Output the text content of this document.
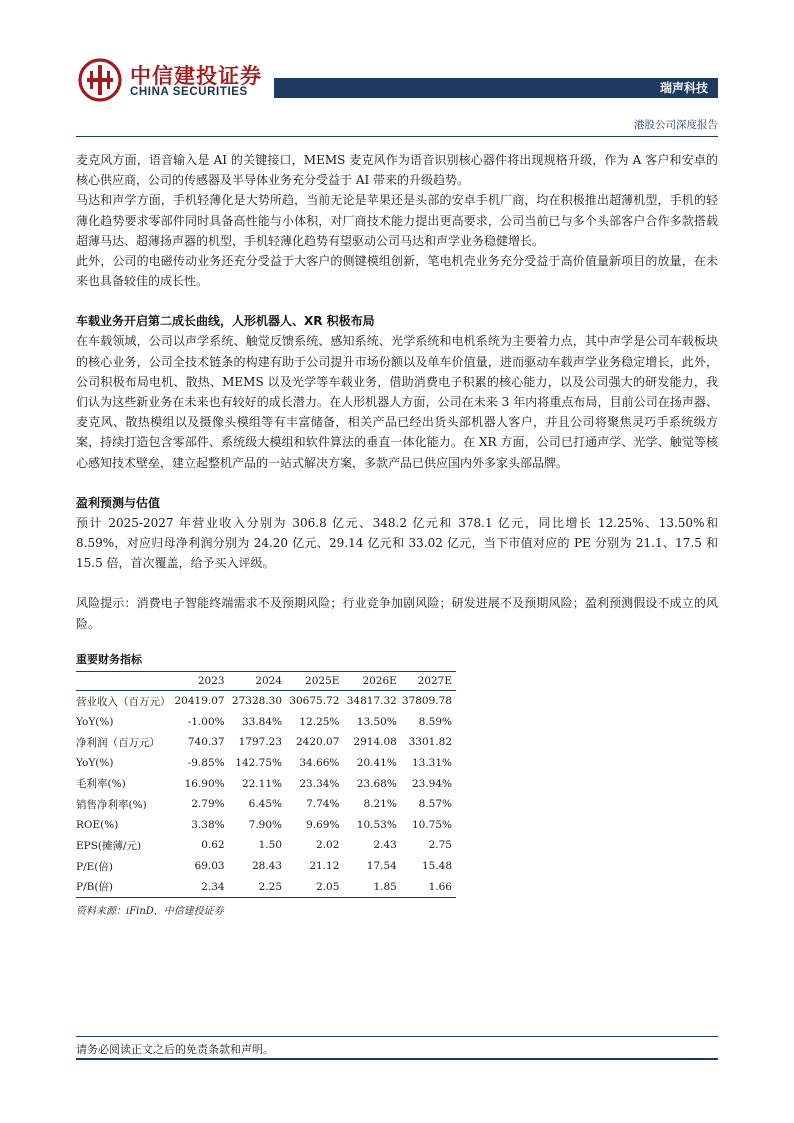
中信建投证券
CHINA SECURITIES	瑞声科技
港股公司深度报告

麦克风方面，语音输入是 AI 的关键接口，MEMS 麦克风作为语音识别核心器件将出现规格升级，作为 A 客户和安卓的核心供应商，公司的传感器及半导体业务充分受益于 AI 带来的升级趋势。

马达和声学方面，手机轻薄化是大势所趋，当前无论是苹果还是头部的安卓手机厂商，均在积极推出超薄机型，手机的轻薄化趋势要求零部件同时具备高性能与小体积，对厂商技术能力提出更高要求，公司当前已与多个头部客户合作多款搭载超薄马达、超薄扬声器的机型，手机轻薄化趋势有望驱动公司马达和声学业务稳健增长。

此外，公司的电磁传动业务还充分受益于大客户的侧键模组创新，笔电机壳业务充分受益于高价值量新项目的放量，在未来也具备较佳的成长性。

车载业务开启第二成长曲线，人形机器人、XR 积极布局

在车载领域，公司以声学系统、触觉反馈系统、感知系统、光学系统和电机系统为主要着力点，其中声学是公司车载板块的核心业务，公司全技术链条的构建有助于公司提升市场份额以及单车价值量，进而驱动车载声学业务稳定增长，此外，公司积极布局电机、散热、MEMS 以及光学等车载业务，借助消费电子积累的核心能力，以及公司强大的研发能力，我们认为这些新业务在未来也有较好的成长潜力。在人形机器人方面，公司在未来 3 年内将重点布局，目前公司在扬声器、麦克风、散热模组以及摄像头模组等有丰富储备，相关产品已经出货头部机器人客户，并且公司将聚焦灵巧手系统级方案，持续打造包含零部件、系统级大模组和软件算法的垂直一体化能力。在 XR 方面，公司已打通声学、光学、触觉等核心感知技术壁垒，建立起整机产品的一站式解决方案，多款产品已供应国内外多家头部品牌。

盈利预测与估值

预计 2025-2027 年营业收入分别为 306.8 亿元、348.2 亿元和 378.1 亿元，同比增长 12.25%、13.50%和 8.59%，对应归母净利润分别为 24.20 亿元、29.14 亿元和 33.02 亿元，当下市值对应的 PE 分别为 21.1、17.5 和 15.5 倍，首次覆盖，给予买入评级。

风险提示：消费电子智能终端需求不及预期风险；行业竞争加剧风险；研发进展不及预期风险；盈利预测假设不成立的风险。

重要财务指标

	2023	2024	2025E	2026E	2027E
营业收入（百万元）	20419.07	27328.30	30675.72	34817.32	37809.78
YoY(%)	-1.00%	33.84%	12.25%	13.50%	8.59%
净利润（百万元）	740.37	1797.23	2420.07	2914.08	3301.82
YoY(%)	-9.85%	142.75%	34.66%	20.41%	13.31%
毛利率(%)	16.90%	22.11%	23.34%	23.68%	23.94%
销售净利率(%)	2.79%	6.45%	7.74%	8.21%	8.57%
ROE(%)	3.38%	7.90%	9.69%	10.53%	10.75%
EPS(摊薄/元)	0.62	1.50	2.02	2.43	2.75
P/E(倍)	69.03	28.43	21.12	17.54	15.48
P/B(倍)	2.34	2.25	2.05	1.85	1.66
资料来源：iFinD，中信建投证券
请务必阅读正文之后的免责条款和声明。
